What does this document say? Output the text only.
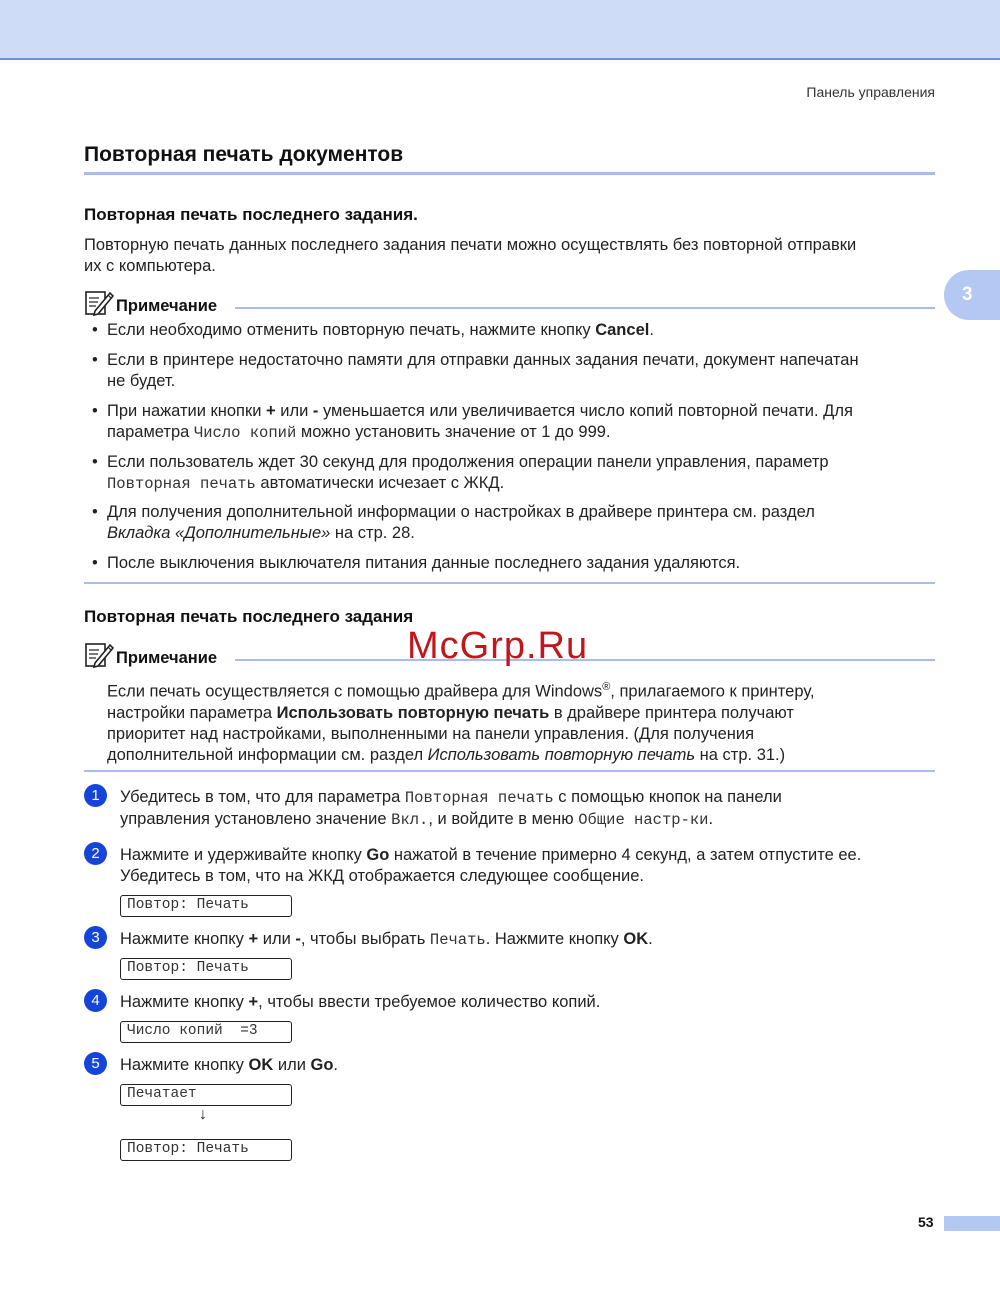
Панель управления
3
Повторная печать документов
Повторная печать последнего задания.
Повторную печать данных последнего задания печати можно осуществлять без повторной отправки
их с компьютера.
Примечание
• Если необходимо отменить повторную печать, нажмите кнопку Cancel.
• Если в принтере недостаточно памяти для отправки данных задания печати, документ напечатан
не будет.
• При нажатии кнопки + или - уменьшается или увеличивается число копий повторной печати. Для
параметра Число копий можно установить значение от 1 до 999.
• Если пользователь ждет 30 секунд для продолжения операции панели управления, параметр
Повторная печать автоматически исчезает с ЖКД.
• Для получения дополнительной информации о настройках в драйвере принтера см. раздел
Вкладка «Дополнительные» на стр. 28.
• После выключения выключателя питания данные последнего задания удаляются.
Повторная печать последнего задания
Примечание
Если печать осуществляется с помощью драйвера для Windows®, прилагаемого к принтеру,
настройки параметра Использовать повторную печать в драйвере принтера получают
приоритет над настройками, выполненными на панели управления. (Для получения
дополнительной информации см. раздел Использовать повторную печать на стр. 31.)
McGrp.Ru
1	Убедитесь в том, что для параметра Повторная печать с помощью кнопок на панели
управления установлено значение Вкл., и войдите в меню Общие настр-ки.
2	Нажмите и удерживайте кнопку Go нажатой в течение примерно 4 секунд, а затем отпустите ее.
Убедитесь в том, что на ЖКД отображается следующее сообщение.
Повтор: Печать
3	Нажмите кнопку + или -, чтобы выбрать Печать. Нажмите кнопку OK.
Повтор: Печать
4	Нажмите кнопку +, чтобы ввести требуемое количество копий.
Число копий  =3
5	Нажмите кнопку OK или Go.
Печатает
↓
Повтор: Печать
53
